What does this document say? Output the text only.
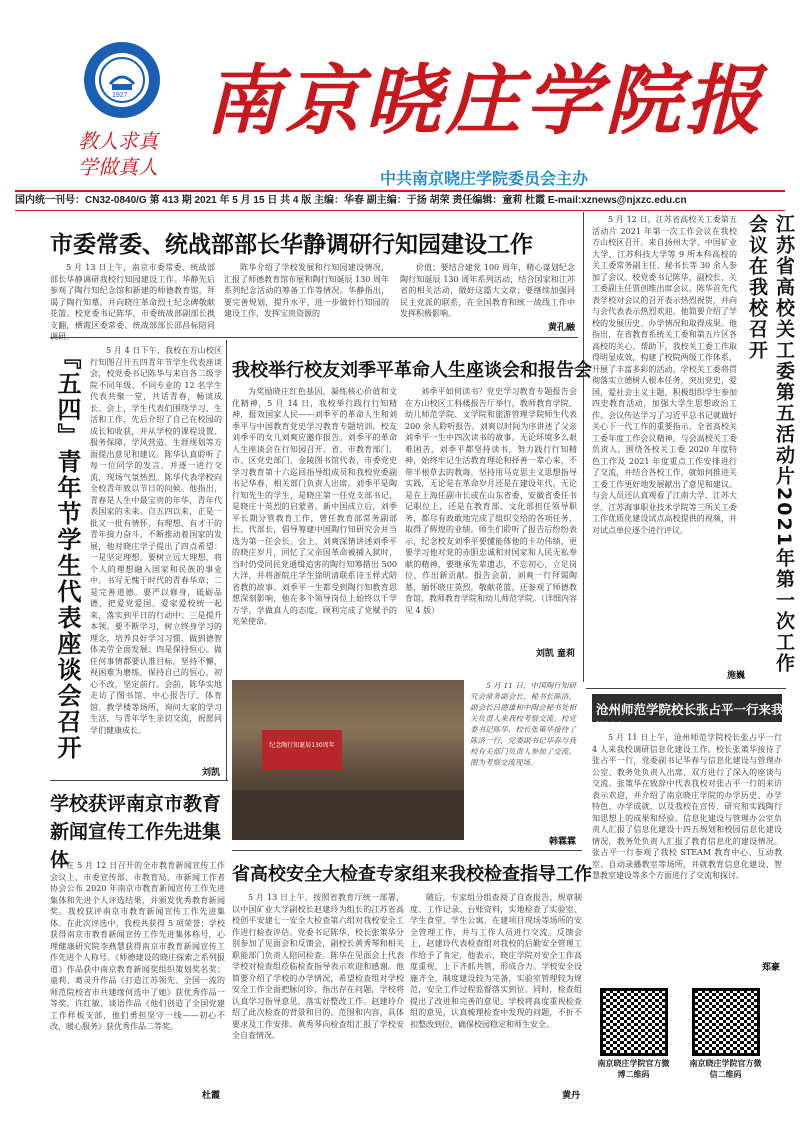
1927
教人求真
学做真人
南京晓庄学院报
中共南京晓庄学院委员会主办
国内统一刊号：CN32-0840/G 第 413 期 2021 年 5 月 15 日 共 4 版 主编：华春 副主编：于扬 胡荣 责任编辑：童莉 杜霞 E-mail:xznews@njxzc.edu.cn
市委常委、统战部部长华静调研行知园建设工作

5 月 13 日上午，南京市委常委、统战部部长华静调研我校行知园建设工作。华静先后参观了陶行知纪念馆和新建的师德教育馆，拜谒了陶行知墓，并向晓庄革命烈士纪念碑敬献花篮。校党委书记陈华，市委统战部副部长携支翻，栖霞区委常委、统战部部长邵昌标陪同

陈华介绍了学校发展和行知园建设情况，汇报了师德教育馆布展和陶行知诞辰 130 周年系列纪念活动的筹备工作等情况。华静指出，要完善规划，提升水平，进一步做好行知园的建设工作，发挥宝贵资源的

价值；要结合建党 100 周年，精心谋划纪念陶行知诞辰 130 周年系列活动，结合国家和江苏省的相关活动，做好这篇大文章；要继续加强同民主党派的联系，在全国教育和统一战线工作中发挥积极影响。

黄孔融

5 月 12 日，江苏省高校关工委第五活动片 2021 年第一次工作会议在我校方山校区召开。来自扬州大学、中国矿业大学、江苏科技大学等 9 所本科高校的关工委常务副主任、秘书长等 30 余人参加了会议。校党委书记陈华，副校长、关工委副主任贾创维出席会议。陈华首先代表学校对会议的召开表示热烈祝贺，并向与会代表表示热烈欢迎。他简要介绍了学校的发展历史、办学情况和取得成果。他指出，在省教育系统关工委和第五片区各高校的关心、帮助下，我校关工委工作取得明显成效，构建了校院两级工作体系，开展了丰富多彩的活动。学校关工委将贯彻落实立德树人根本任务，突出党史，爱国，爱社会主义主题，积极组织学生参加四史教育活动，加强大学生思想政治工作。会议传达学习了习近平总书记就做好关心下一代工作的重要指示、全省高校关工委年度工作会议精神。与会高校关工委负责人，围绕各校关工委 2020 年度特色工作及 2021 年度重点工作安排进行了交流，并结合各校工作，就如何推进关工委工作更好地发展献出了意见和建议。与会人员还认真观看了江南大学、江苏大学、江苏海事职业技术学院等三所关工委工作优质化建设试点高校提供的视频，并对试点单位逐个进行评议。	江苏省高校关工委第五活动片2021年第一次工作会议在我校召开
施巍
『五四』青年节学生代表座谈会召开	5 月 4 日下午，我校在方山校区行知图召开五四青年节学生代表座谈会，校党委书记陈华与来自各二级学院不同年级、不同专业的 12 名学生代表共聚一堂，共话青春，畅谈成长。会上，学生代表们围绕学习、生活和工作，先后介绍了自己在校园的成长和收获，并从学校的课程设置、服务保障、学风营造、生涯规划等方面提出意见和建议。陈华认真聆听了每一位同学的发言，并逐一进行交流，现场气氛热烈。陈华代表学校向全校青年致以节日的问候。他指出，青春是人生中最宝贵的年华，青年代表国家的未来。自五四以来，正是一批又一批有情怀、有理想、有才干的青年接力奋斗，不断推动着国家的发展，他对晓庄学子提出了四点希望：一是坚定理想。要树立远大理想，将个人的理想融入国家和民族的事业中。书写无愧于时代的青春华章；二是完善道德。要严以修身，砥砺品德，把爱党爱国、爱家爱校统一起来，落实到平日的行动中；三是提升本领。要不断学习，树立终身学习的理念，培养良好学习习惯，做到德智体美劳全面发展；四是保持恒心。做任何事情都要认准目标，坚持不懈，视困难为磨练，保持自己的恒心，初心不改，坚定前行。会前，陈华实地走访了图书馆、中心报告厅、体育馆、教学楼等场所，询问大家的学习生活，与青年学生亲切交流，祝愿同学们健康成长。

刘凯
我校举行校友刘季平革命人生座谈会和报告会

为奖励晓庄红色基因，凝练核心价值和文化精神，5 月 14 日，我校举行践行行知精神，报效国家人民——刘季平的革命人生和刘季平与中国教育党史学习教育专题培训。校友刘季平的女儿刘爽应邀作报告。刘季平的革命人生座谈会在行知园召开。省、市教育部门，市、区党史部门，金陵图书馆代表，市委党史学习教育第十六巡回指导组成员和我校党委副书记华春，相关部门负责人出席。刘季平是陶行知先生的学生，是晓庄第一任党支部书记，是晓庄十英烈的启蒙者。新中国成立后，刘季平长期分管教育工作，曾任教育部常务副部长、代部长，倡导筹建中国陶行知研究会并当选为第一任会长。会上，刘爽深情讲述刘季平的晓庄岁月，回忆了父亲因革命被捕入狱时，当时仍受同民党通缉追害的陶行知筹措出 500 大洋，并将浙皖庄学生徐明清联系诗玉样式陪省教的故事。刘季平一生都受到陶行知教育思想深刻影响，他在多个领导岗位上始终以千学万学，学做真人的态度，顾利完成了党赋予的光荣使命。

刘季平如何读书？党史学习教育专题报告会在方山校区工科楼报告厅举行，教师教育学院、幼儿师范学院、文学院和旅游管理学院师生代表 200 余人聆听报告。刘爽以时间为序讲述了父亲刘季平一生中四次读书的故事。无论环境多么艰难困苦，刘季平都坚持读书，努力践行行知精神，始终牢记生活教育理论和择善一辈心来，不带半根草去的教诲，坚持用马克思主义思想指导实践，无论是在革命岁月还是在建设年代，无论是在上海任副市长或在山东省委、安徽省委任书记职位上，还是在教育部、文化部担任领导职务，都尽有政敢地完成了组织交给的各项任务，取得了辉煌的业绩。师生们聆听了报告后纷纷表示，纪念校友刘季平要懂能体他的卡功伟绩，更要学习他对党的赤胆忠诚和对国家和人民无私奉献的精神，要继承先辈遗志，不忘初心，立足岗位，作出新贡献。报告会前，刘爽一行拜谒陶墓，缅怀晓庄英烈，敬献花篮，还参观了师德教育馆、教师教育学院和幼儿师范学院。（详细内容见 4 版）

刘凯 童莉
纪念陶行知诞辰130周年

5 月 11 日，中国陶行知研究会常务副会长、秘书长陈洛，副会长吕德雄和中陶会秘书处相关负责人来我校考察交流。校党委书记陈华、校长张策华接待了陈洛一行，党委副书记华春与我校有关部门负责人参加了交流。图为考察交流现场。

韩霖霖
沧州师范学院校长张占平一行来我校调研

5 月 11 日上午，沧州师范学院校长张占平一行 4 人来我校调研信息化建设工作。校长张策华接待了张占平一行，党委副书记华春与信息化建设与管理办公室、教务处负责人出席，双方进行了深入的座谈与交流。张策华在致辞中代表我校对张占平一行的来访表示欢迎，并介绍了南京晓庄学院的办学历史、办学特色、办学成就，以及我校在宣传、研究和实践陶行知思想上的成果和经验。信息化建设与管理办公室负责人汇报了信息化建设十四五规划和校园信息化建设情况，教务处负责人汇报了教育信息化的建设情况。张占平一行参观了我校 STEAM 教育中心、互动教室、自动录播教室等场所，并就教育信息化建设、智慧教室建设等多个方面进行了交流和探讨。

郑豪
学校获评南京市教育新闻宣传工作先进集体

在 5 月 12 日召开的全市教育新闻宣传工作会议上，市委宣传部、市教育局、市新闻工作者协会公布 2020 年南京市教育新闻宣传工作先进集体和先进个人评选结果，并颁发优秀教育新闻奖。我校获评南京市教育新闻宣传工作先进集体。在此次评选中，我校共获得 5 项荣誉；学校获得南京市教育新闻宣传工作先进集体称号，心理健康研究院李燕慧获得南京市教育新闻宣传工作先进个人称号。《师德建设的晓庄探索之系列报道》作品获中南京教育新闻奖组织策划奖名奖；童莉、葛灵升作品《打造江苏领先、全国一流的师范院校省市共建缘何选中了她》获优秀作品一等奖，许红敏、谈语作品《他们创造了全国党建工作样板支部，他们勇担坚守一线——初心不改，暖心服务》获优秀作品二等奖。

杜霞
省高校安全大检查专家组来我校检查指导工作

5 月 13 日上午，按照省教育厅统一部署，以中国矿业大学副校长赵建玲为组长的江苏省高校创平安建七一安全大检查第六组对我校安全工作进行检查评估。党委书记陈华、校长张策华分别参加了见面会和反馈会，副校长黄秀琴和相关职能部门负责人陪同检查。陈华在见面会上代表学校对检查组莅临检查指导表示欢迎和感谢。他简要介绍了学校的办学情况，希望检查组对学校安全工作全面把脉问诊，指出存在问题，学校将认真学习指导意见，落实好整改工作。赵建玲介绍了此次检查的背景和目的、范围和内容，具体要求及工作安排。黄秀琴向检查组汇报了学校安全自查情况。

随后，专家组分组查阅了自查报告、规章制度、工作记录、台账资料，实地检查了实验室、学生食堂、学生公寓、在建项目现场等场所的安全管理工作，并与工作人员进行交流。反馈会上，赵建玲代表检查组对我校的后勤安全管理工作给予了肯定，他表示，晓庄学院对安全工作高度重视，上下齐抓共管，形成合力。学校安全设施齐全，制度建设较为完备，实验室管理较为规范，安全工作过程监督落实到位。同时，检查组提出了改进和完善的意见。学校将高度重视检查组的意见，认真梳理检查中发现的问题，不折不扣整改到位，确保校园稳定和师生安全。

黄丹
南京晓庄学院官方微博二维码
南京晓庄学院官方微信二维码
